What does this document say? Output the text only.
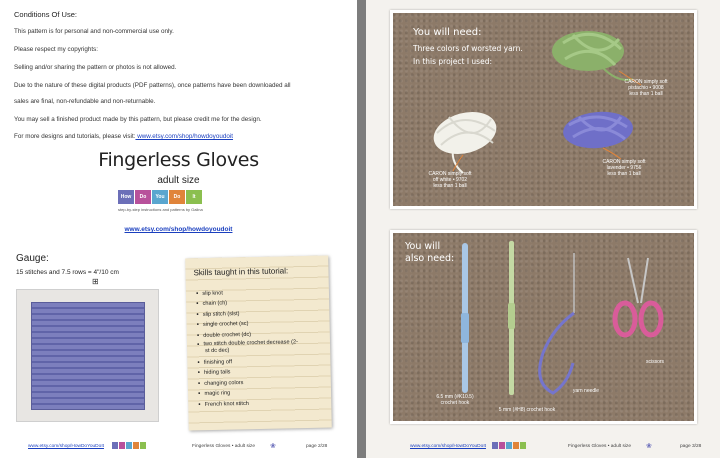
Conditions Of Use:
This pattern is for personal and non-commercial use only.
Please respect my copyrights:
Selling and/or sharing the pattern or photos is not allowed.
Due to the nature of these digital products (PDF patterns), once patterns have been downloaded all
sales are final, non-refundable and non-returnable.
You may sell a finished product made by this pattern, but please credit me for the design.
For more designs and tutorials, please visit: www.etsy.com/shop/howdoyoudoit
Fingerless Gloves
adult size
How	Do	You	Do	It
step-by-step instructions and patterns by Galina
www.etsy.com/shop/howdoyoudoit
Gauge:
15 stitches and 7.5 rows = 4"/10 cm
⊞
Skills taught in this tutorial:
● slip knot
● chain (ch)
● slip stitch (slst)
● single crochet (sc)
● double crochet (dc)
● two stitch double crochet decrease (2-st dc dec)
● finishing off
● hiding tails
● changing colors
● magic ring
● French knot stitch
www.etsy.com/shop/HowDoYouDoIt	Fingerless Gloves • adult size ❀	page 2/28
You will need:
Three colors of worsted yarn.
In this project I used:
CARON simply soft
pistachio • 9008
less than 1 ball
CARON simply soft
off white • 9702
less than 1 ball
CARON simply soft
lavender • 9756
less than 1 ball
You will
also need:
6.5 mm (#K10.5)
crochet hook
5 mm (#H8) crochet hook
yarn needle
scissors
www.etsy.com/shop/HowDoYouDoIt	Fingerless Gloves • adult size ❀	page 3/28
